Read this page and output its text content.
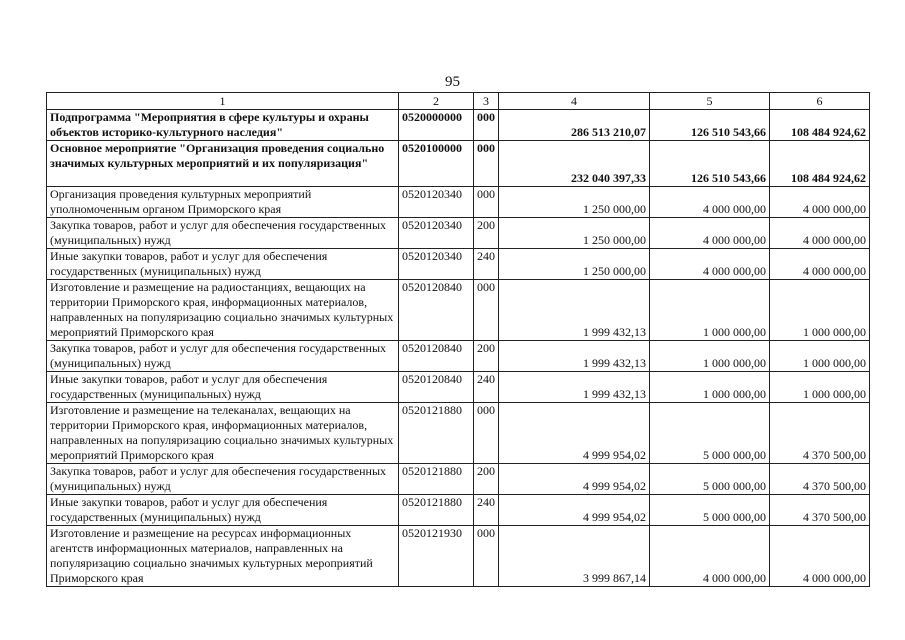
95
1	2	3	4	5	6
Подпрограмма "Мероприятия в сфере культуры и охраны объектов историко-культурного наследия"	0520000000	000	286 513 210,07	126 510 543,66	108 484 924,62
Основное мероприятие "Организация проведения социально значимых культурных мероприятий и их популяризация"	0520100000	000	232 040 397,33	126 510 543,66	108 484 924,62
Организация проведения культурных мероприятий уполномоченным органом Приморского края	0520120340	000	1 250 000,00	4 000 000,00	4 000 000,00
Закупка товаров, работ и услуг для обеспечения государственных (муниципальных) нужд	0520120340	200	1 250 000,00	4 000 000,00	4 000 000,00
Иные закупки товаров, работ и услуг для обеспечения государственных (муниципальных) нужд	0520120340	240	1 250 000,00	4 000 000,00	4 000 000,00
Изготовление и размещение на радиостанциях, вещающих на территории Приморского края, информационных материалов, направленных на популяризацию социально значимых культурных мероприятий Приморского края	0520120840	000	1 999 432,13	1 000 000,00	1 000 000,00
Закупка товаров, работ и услуг для обеспечения государственных (муниципальных) нужд	0520120840	200	1 999 432,13	1 000 000,00	1 000 000,00
Иные закупки товаров, работ и услуг для обеспечения государственных (муниципальных) нужд	0520120840	240	1 999 432,13	1 000 000,00	1 000 000,00
Изготовление и размещение на телеканалах, вещающих на территории Приморского края, информационных материалов, направленных на популяризацию социально значимых культурных мероприятий Приморского края	0520121880	000	4 999 954,02	5 000 000,00	4 370 500,00
Закупка товаров, работ и услуг для обеспечения государственных (муниципальных) нужд	0520121880	200	4 999 954,02	5 000 000,00	4 370 500,00
Иные закупки товаров, работ и услуг для обеспечения государственных (муниципальных) нужд	0520121880	240	4 999 954,02	5 000 000,00	4 370 500,00
Изготовление и размещение на ресурсах информационных агентств информационных материалов, направленных на популяризацию социально значимых культурных мероприятий Приморского края	0520121930	000	3 999 867,14	4 000 000,00	4 000 000,00
